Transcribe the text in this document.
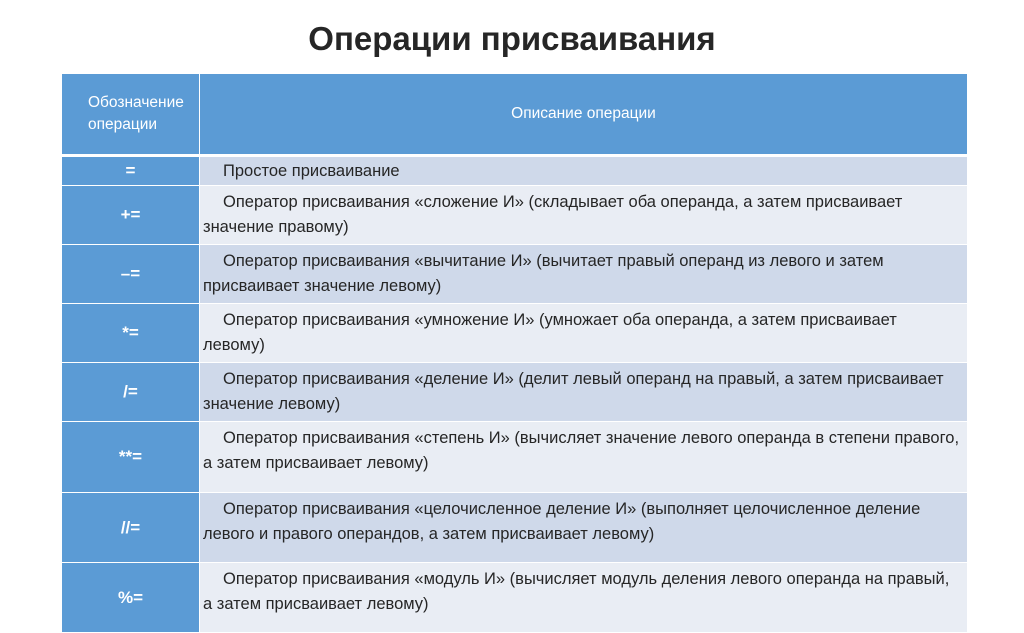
Операции присваивания
Обозначение
операции	Описание операции
=	Простое присваивание

+=	Оператор присваивания «сложение И» (складывает оба операнда, а затем присваивает значение правому)

–=	Оператор присваивания «вычитание И» (вычитает правый операнд из левого и затем присваивает значение левому)

*=	Оператор присваивания «умножение И» (умножает оба операнда, а затем присваивает левому)

/=	Оператор присваивания «деление И» (делит левый операнд на правый, а затем присваивает значение левому)

**=	Оператор присваивания «степень И» (вычисляет значение левого операнда в степени правого, а затем присваивает левому)

//=	Оператор присваивания «целочисленное деление И» (выполняет целочисленное деление левого и правого операндов, а затем присваивает левому)

%=	Оператор присваивания «модуль И» (вычисляет модуль деления левого операнда на правый, а затем присваивает левому)
